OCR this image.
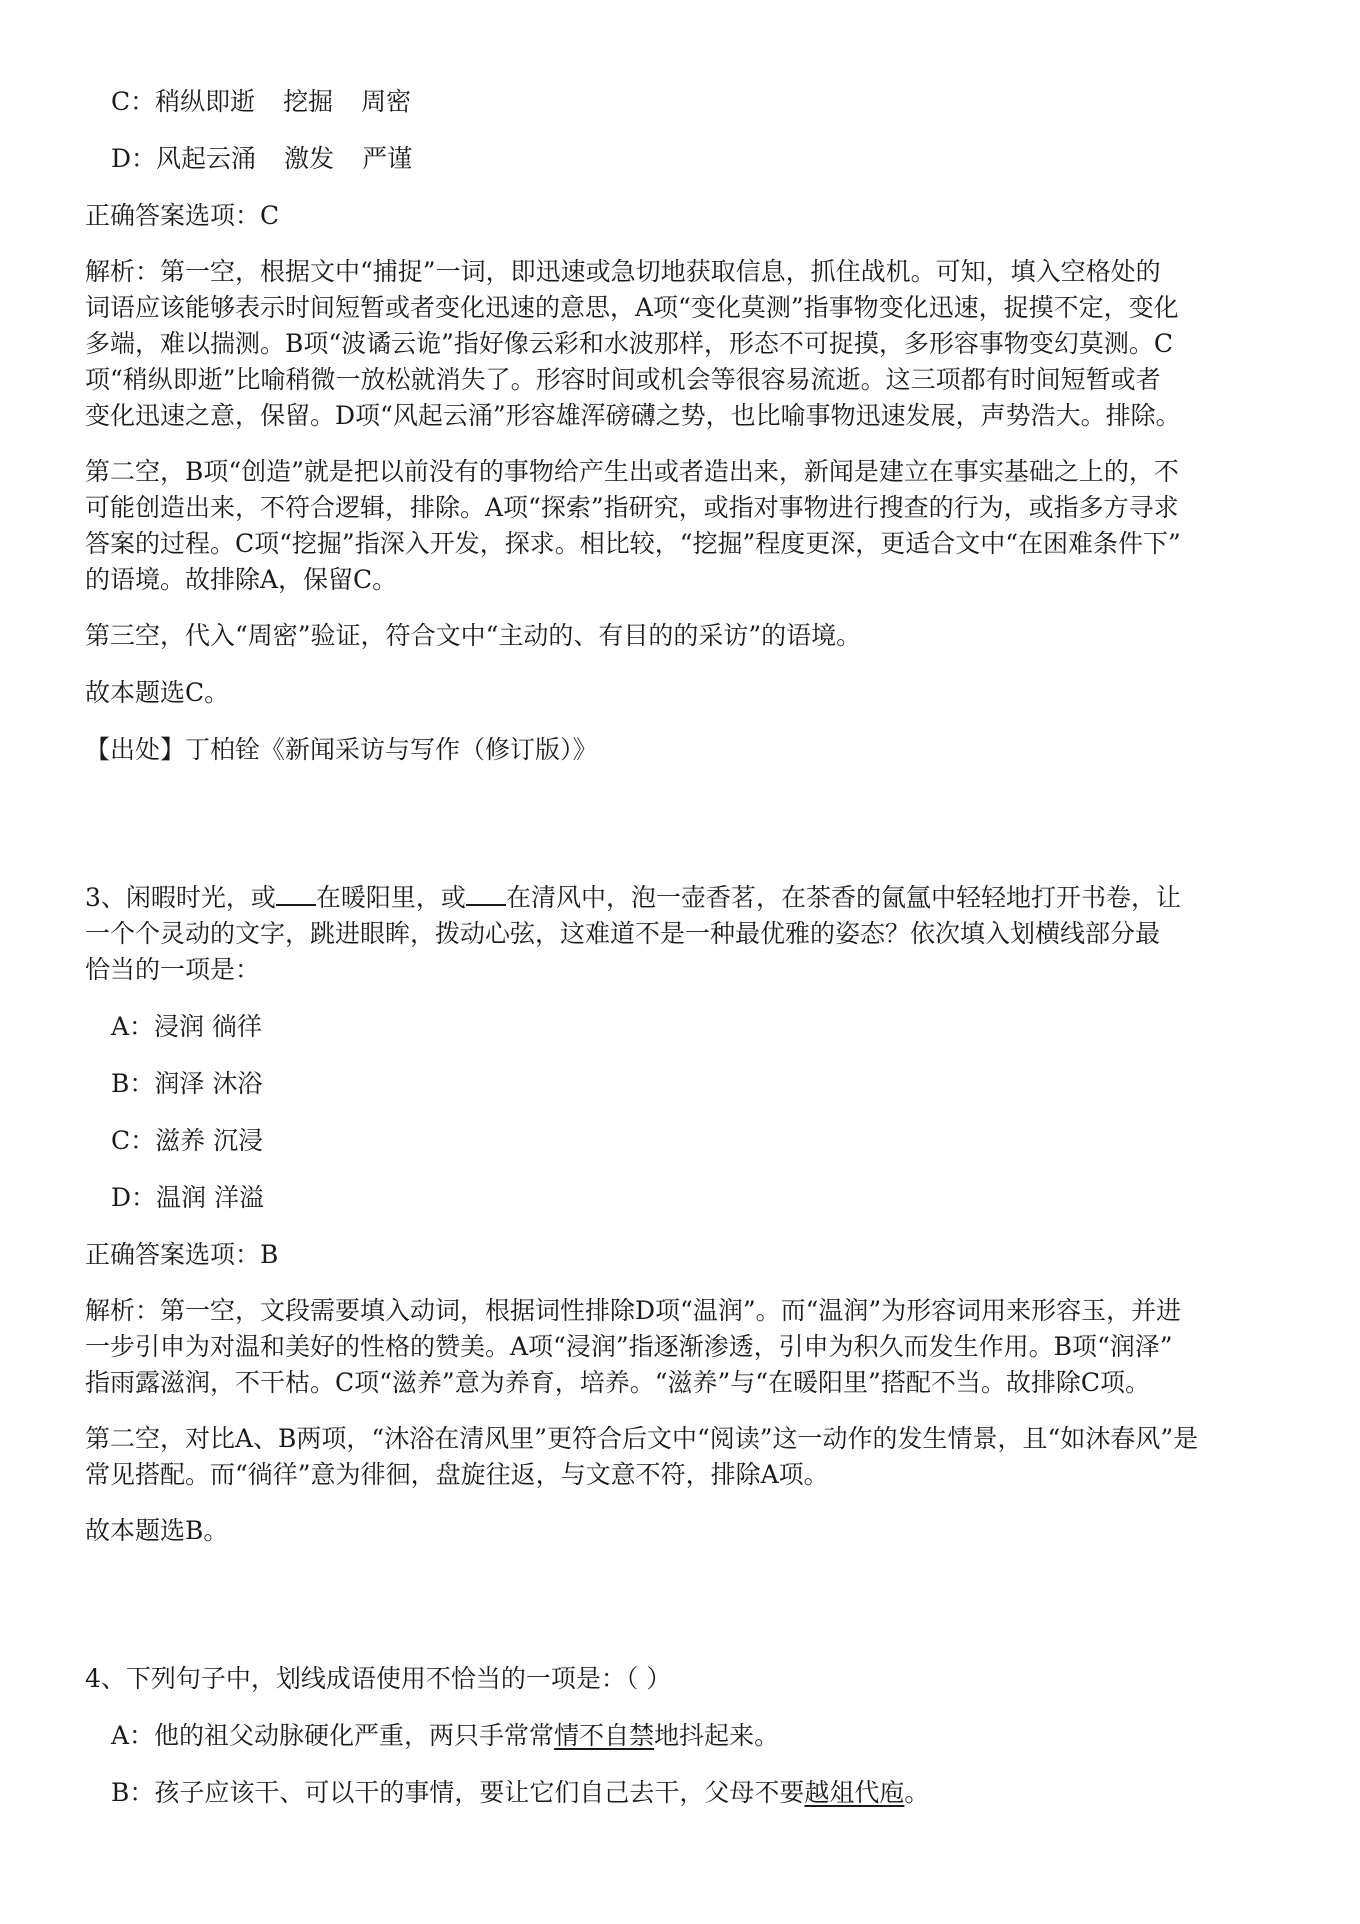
C：稍纵即逝 挖掘 周密
D：风起云涌 激发 严谨
正确答案选项：C
解析：第一空，根据文中“捕捉”一词，即迅速或急切地获取信息，抓住战机。可知，填入空格处的
词语应该能够表示时间短暂或者变化迅速的意思，A项“变化莫测”指事物变化迅速，捉摸不定，变化
多端，难以揣测。B项“波谲云诡”指好像云彩和水波那样，形态不可捉摸，多形容事物变幻莫测。C
项“稍纵即逝”比喻稍微一放松就消失了。形容时间或机会等很容易流逝。这三项都有时间短暂或者
变化迅速之意，保留。D项“风起云涌”形容雄浑磅礴之势，也比喻事物迅速发展，声势浩大。排除。
第二空，B项“创造”就是把以前没有的事物给产生出或者造出来，新闻是建立在事实基础之上的，不
可能创造出来，不符合逻辑，排除。A项“探索”指研究，或指对事物进行搜查的行为，或指多方寻求
答案的过程。C项“挖掘”指深入开发，探求。相比较，“挖掘”程度更深，更适合文中“在困难条件下”
的语境。故排除A，保留C。
第三空，代入“周密”验证，符合文中“主动的、有目的的采访”的语境。
故本题选C。
【出处】丁柏铨《新闻采访与写作（修订版）》
3、闲暇时光，或 在暖阳里，或 在清风中，泡一壶香茗，在茶香的氤氲中轻轻地打开书卷，让
一个个灵动的文字，跳进眼眸，拨动心弦，这难道不是一种最优雅的姿态？依次填入划横线部分最
恰当的一项是：
A：浸润 徜徉
B：润泽 沐浴
C：滋养 沉浸
D：温润 洋溢
正确答案选项：B
解析：第一空，文段需要填入动词，根据词性排除D项“温润”。而“温润”为形容词用来形容玉，并进
一步引申为对温和美好的性格的赞美。A项“浸润”指逐渐渗透，引申为积久而发生作用。B项“润泽”
指雨露滋润，不干枯。C项“滋养”意为养育，培养。“滋养”与“在暖阳里”搭配不当。故排除C项。
第二空，对比A、B两项，“沐浴在清风里”更符合后文中“阅读”这一动作的发生情景，且“如沐春风”是
常见搭配。而“徜徉”意为徘徊，盘旋往返，与文意不符，排除A项。
故本题选B。
4、下列句子中，划线成语使用不恰当的一项是：（ ）
A：他的祖父动脉硬化严重，两只手常常情不自禁地抖起来。
B：孩子应该干、可以干的事情，要让它们自己去干，父母不要越俎代庖。
